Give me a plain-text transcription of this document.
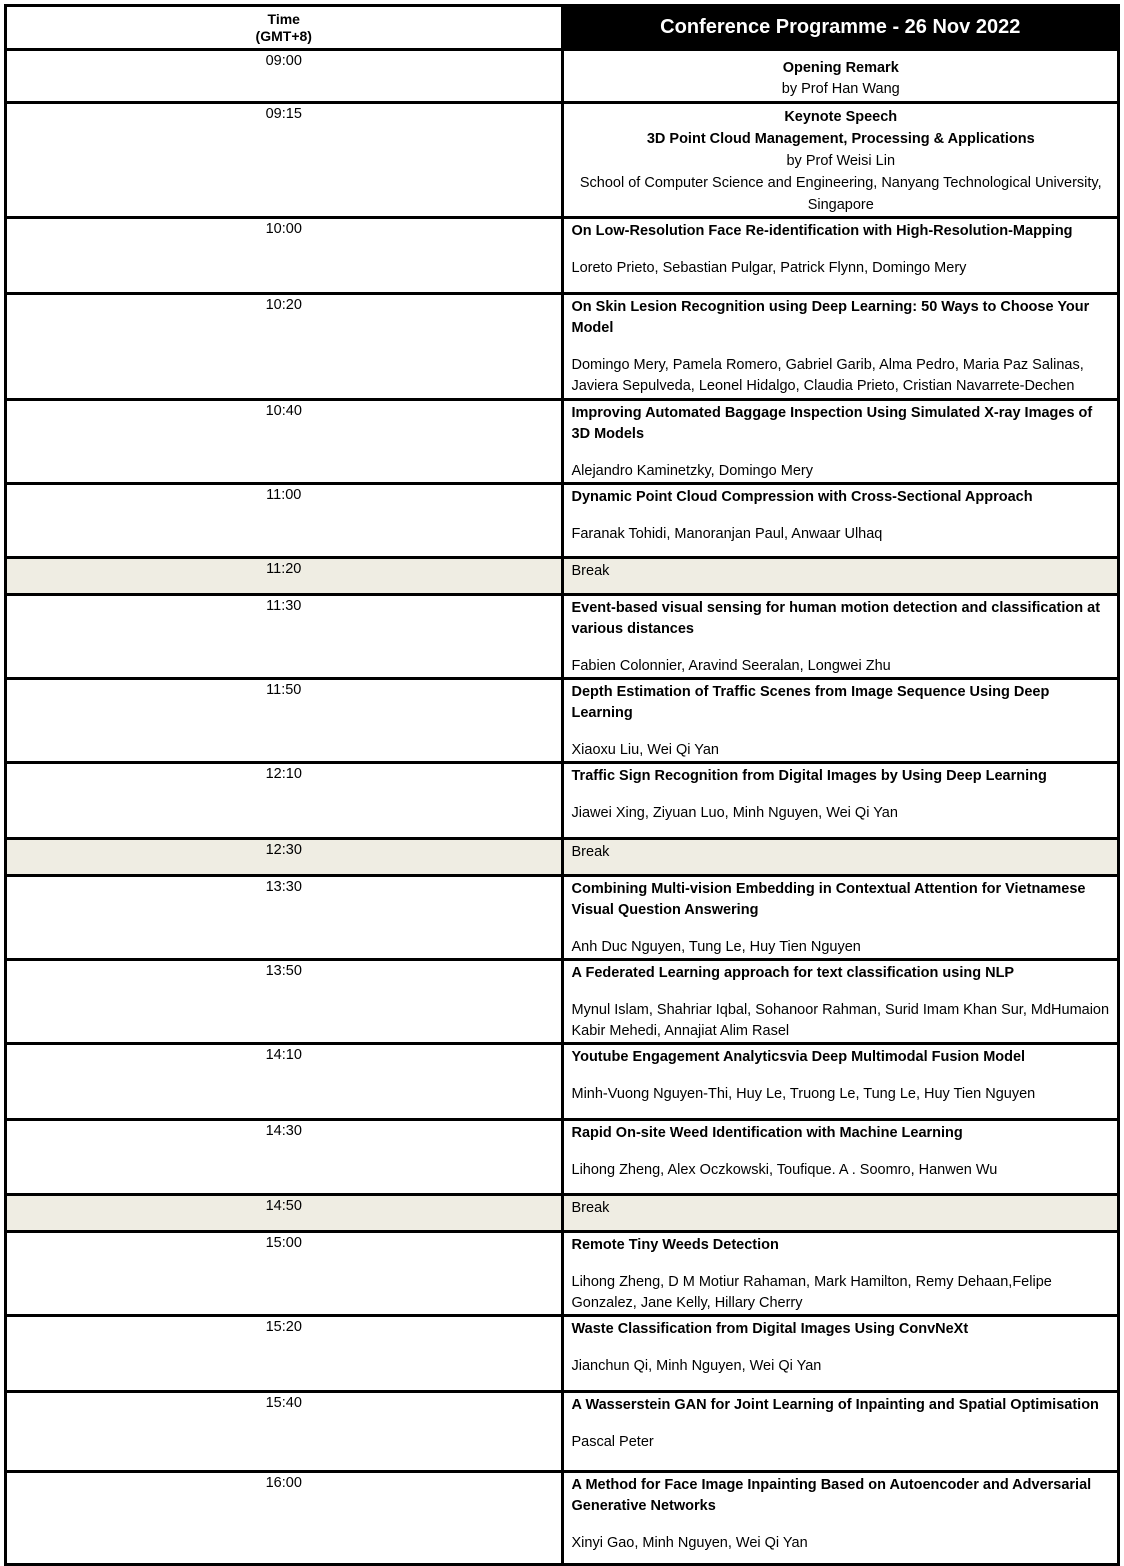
Time
(GMT+8)	Conference Programme - 26 Nov 2022
09:00	Opening Remark
by Prof Han Wang

09:15	Keynote Speech
3D Point Cloud Management, Processing & Applications
by Prof Weisi Lin
School of Computer Science and Engineering, Nanyang Technological University, Singapore

10:00	On Low-Resolution Face Re-identification with High-Resolution-Mapping
Loreto Prieto, Sebastian Pulgar, Patrick Flynn, Domingo Mery

10:20	On Skin Lesion Recognition using Deep Learning: 50 Ways to Choose Your Model
Domingo Mery, Pamela Romero, Gabriel Garib, Alma Pedro, Maria Paz Salinas, Javiera Sepulveda, Leonel Hidalgo, Claudia Prieto, Cristian Navarrete-Dechen

10:40	Improving Automated Baggage Inspection Using Simulated X-ray Images of 3D Models
Alejandro Kaminetzky, Domingo Mery

11:00	Dynamic Point Cloud Compression with Cross-Sectional Approach
Faranak Tohidi, Manoranjan Paul, Anwaar Ulhaq

11:20	Break
11:30	Event-based visual sensing for human motion detection and classification at various distances
Fabien Colonnier, Aravind Seeralan, Longwei Zhu

11:50	Depth Estimation of Traffic Scenes from Image Sequence Using Deep Learning
Xiaoxu Liu, Wei Qi Yan

12:10	Traffic Sign Recognition from Digital Images by Using Deep Learning
Jiawei Xing, Ziyuan Luo, Minh Nguyen, Wei Qi Yan

12:30	Break
13:30	Combining Multi-vision Embedding in Contextual Attention for Vietnamese Visual Question Answering
Anh Duc Nguyen, Tung Le, Huy Tien Nguyen

13:50	A Federated Learning approach for text classification using NLP
Mynul Islam, Shahriar Iqbal, Sohanoor Rahman, Surid Imam Khan Sur, MdHumaion Kabir Mehedi, Annajiat Alim Rasel

14:10	Youtube Engagement Analyticsvia Deep Multimodal Fusion Model
Minh-Vuong Nguyen-Thi, Huy Le, Truong Le, Tung Le, Huy Tien Nguyen

14:30	Rapid On-site Weed Identification with Machine Learning
Lihong Zheng, Alex Oczkowski, Toufique. A . Soomro, Hanwen Wu

14:50	Break
15:00	Remote Tiny Weeds Detection
Lihong Zheng, D M Motiur Rahaman, Mark Hamilton, Remy Dehaan,Felipe Gonzalez, Jane Kelly, Hillary Cherry

15:20	Waste Classification from Digital Images Using ConvNeXt
Jianchun Qi, Minh Nguyen, Wei Qi Yan

15:40	A Wasserstein GAN for Joint Learning of Inpainting and Spatial Optimisation
Pascal Peter

16:00	A Method for Face Image Inpainting Based on Autoencoder and Adversarial Generative Networks
Xinyi Gao, Minh Nguyen, Wei Qi Yan
